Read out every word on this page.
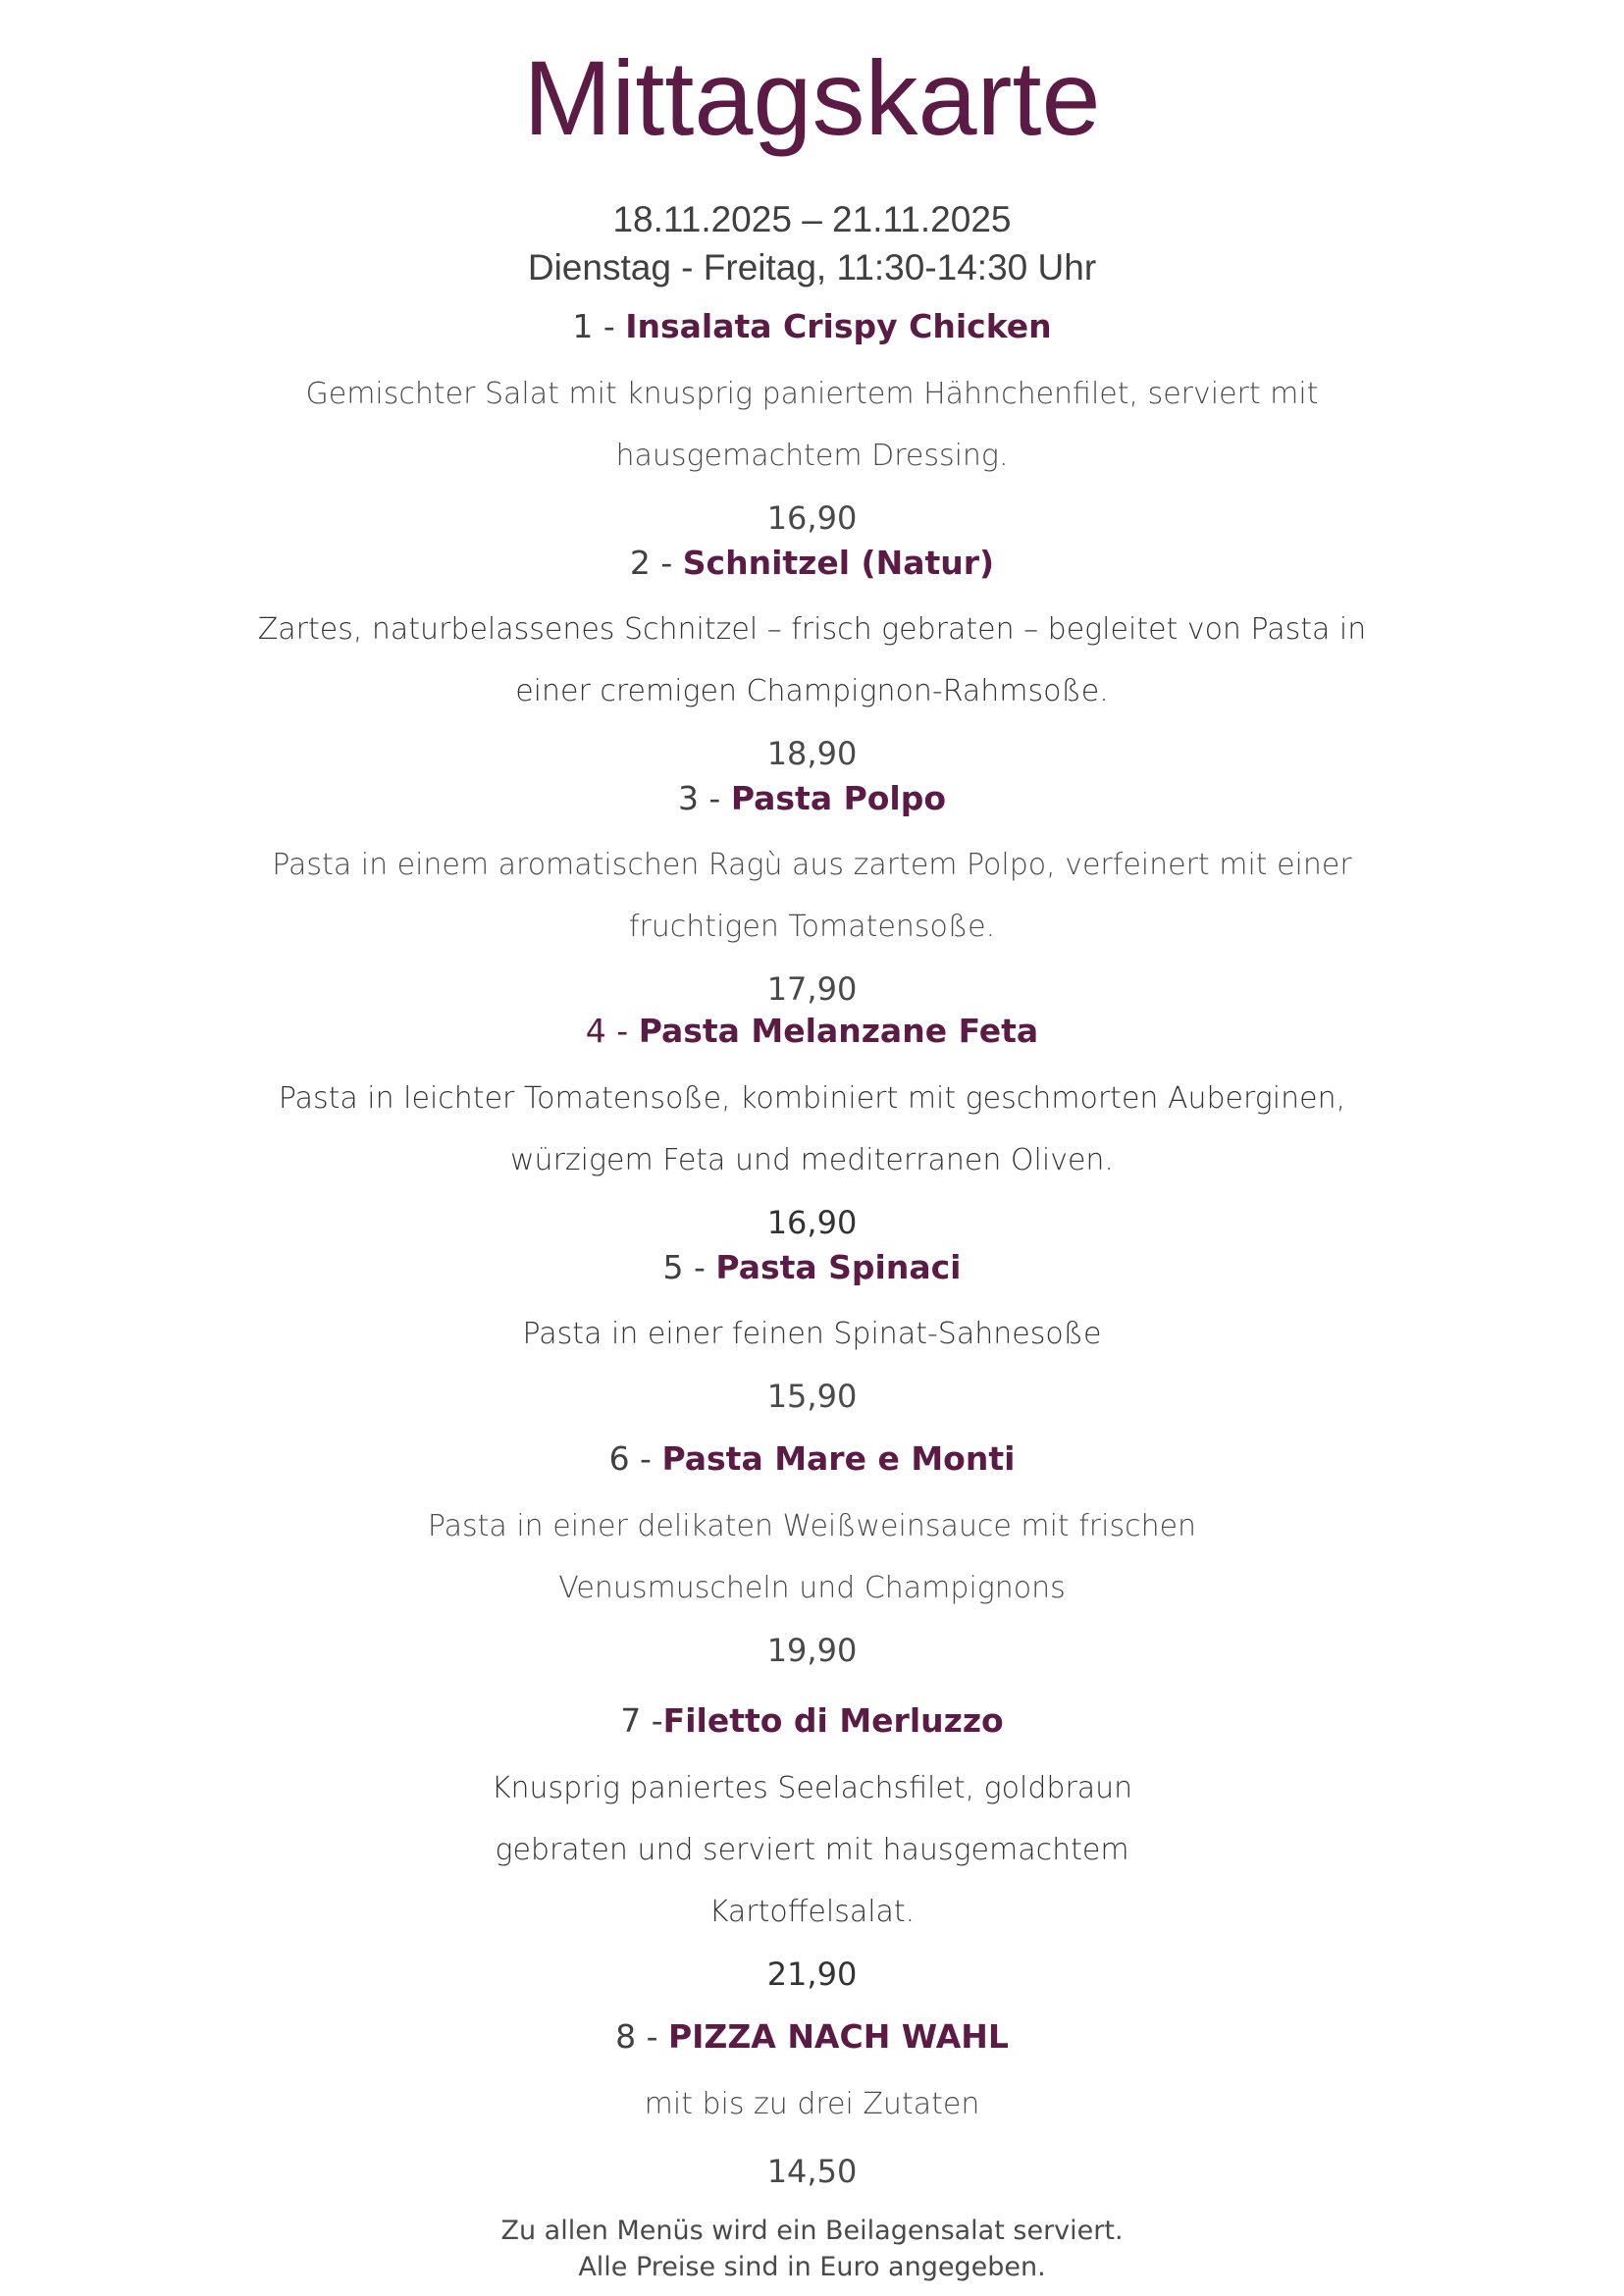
Mittagskarte
18.11.2025 – 21.11.2025
Dienstag - Freitag, 11:30-14:30 Uhr
1 - Insalata Crispy Chicken
Gemischter Salat mit knusprig paniertem Hähnchenfilet, serviert mit
hausgemachtem Dressing.
16,90
2 - Schnitzel (Natur)
Zartes, naturbelassenes Schnitzel – frisch gebraten – begleitet von Pasta in
einer cremigen Champignon-Rahmsoße.
18,90
3 - Pasta Polpo
Pasta in einem aromatischen Ragù aus zartem Polpo, verfeinert mit einer
fruchtigen Tomatensoße.
17,90
4 - Pasta Melanzane Feta
Pasta in leichter Tomatensoße, kombiniert mit geschmorten Auberginen,
würzigem Feta und mediterranen Oliven.
16,90
5 - Pasta Spinaci
Pasta in einer feinen Spinat-Sahnesoße
15,90
6 - Pasta Mare e Monti
Pasta in einer delikaten Weißweinsauce mit frischen
Venusmuscheln und Champignons
19,90
7 -Filetto di Merluzzo
Knusprig paniertes Seelachsfilet, goldbraun
gebraten und serviert mit hausgemachtem
Kartoffelsalat.
21,90
8 - PIZZA NACH WAHL
mit bis zu drei Zutaten
14,50
Zu allen Menüs wird ein Beilagensalat serviert.
Alle Preise sind in Euro angegeben.
